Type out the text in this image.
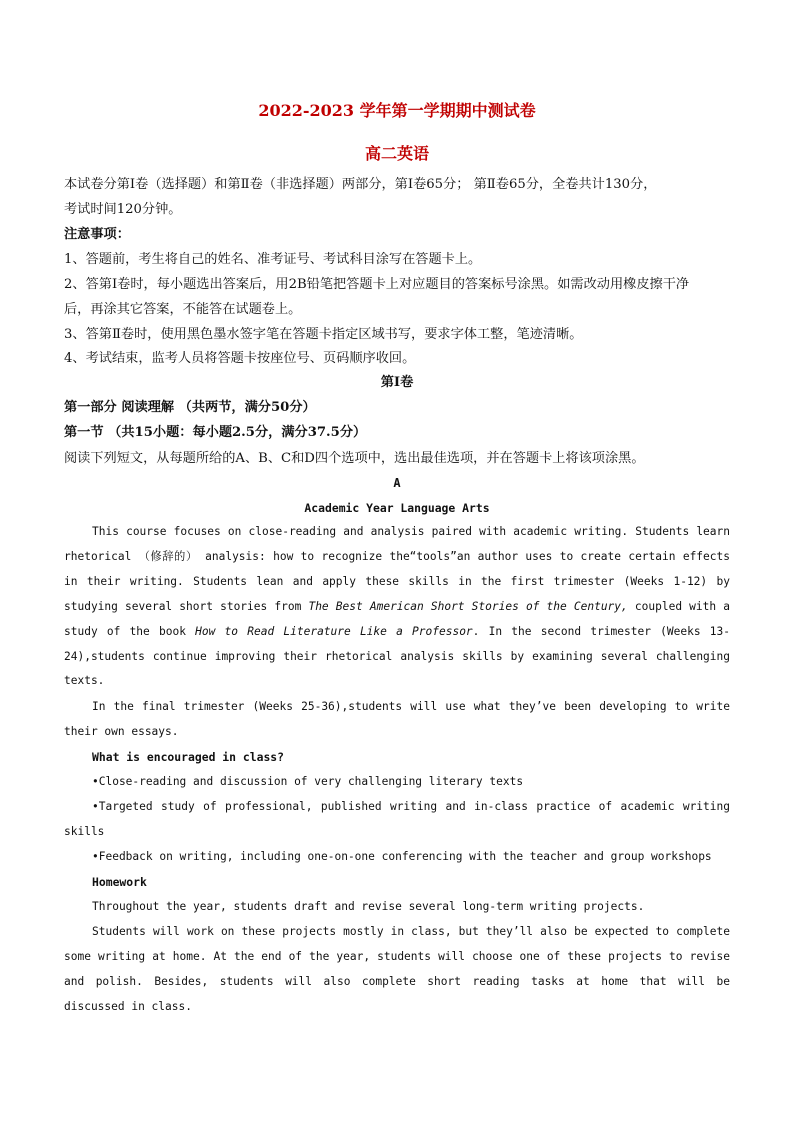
2022-2023 学年第一学期期中测试卷
高二英语
本试卷分第Ⅰ卷（选择题）和第Ⅱ卷（非选择题）两部分，第Ⅰ卷65分； 第Ⅱ卷65分，全卷共计130分，
考试时间120分钟。
注意事项：
1、答题前，考生将自己的姓名、准考证号、考试科目涂写在答题卡上。
2、答第Ⅰ卷时，每小题选出答案后，用2B铅笔把答题卡上对应题目的答案标号涂黑。如需改动用橡皮擦干净
后，再涂其它答案，不能答在试题卷上。
3、答第Ⅱ卷时，使用黑色墨水签字笔在答题卡指定区域书写，要求字体工整，笔迹清晰。
4、考试结束，监考人员将答题卡按座位号、页码顺序收回。
第Ⅰ卷
第一部分 阅读理解 （共两节，满分50分）
第一节 （共15小题：每小题2.5分，满分37.5分）
阅读下列短文，从每题所给的A、B、C和D四个选项中，选出最佳选项，并在答题卡上将该项涂黑。
A
Academic Year Language Arts
This course focuses on close-reading and analysis paired with academic writing. Students learn rhetorical （修辞的） analysis: how to recognize the“tools”an author uses to create certain effects in their writing. Students lean and apply these skills in the first trimester (Weeks 1-12) by studying several short stories from The Best American Short Stories of the Century, coupled with a study of the book How to Read Literature Like a Professor. In the second trimester (Weeks 13-24),students continue improving their rhetorical analysis skills by examining several challenging texts.
In the final trimester (Weeks 25-36),students will use what they’ve been developing to write their own essays.
What is encouraged in class?
•Close-reading and discussion of very challenging literary texts
•Targeted study of professional, published writing and in-class practice of academic writing skills
•Feedback on writing, including one-on-one conferencing with the teacher and group workshops
Homework
Throughout the year, students draft and revise several long-term writing projects.
Students will work on these projects mostly in class, but they’ll also be expected to complete some writing at home. At the end of the year, students will choose one of these projects to revise and polish. Besides, students will also complete short reading tasks at home that will be discussed in class.
